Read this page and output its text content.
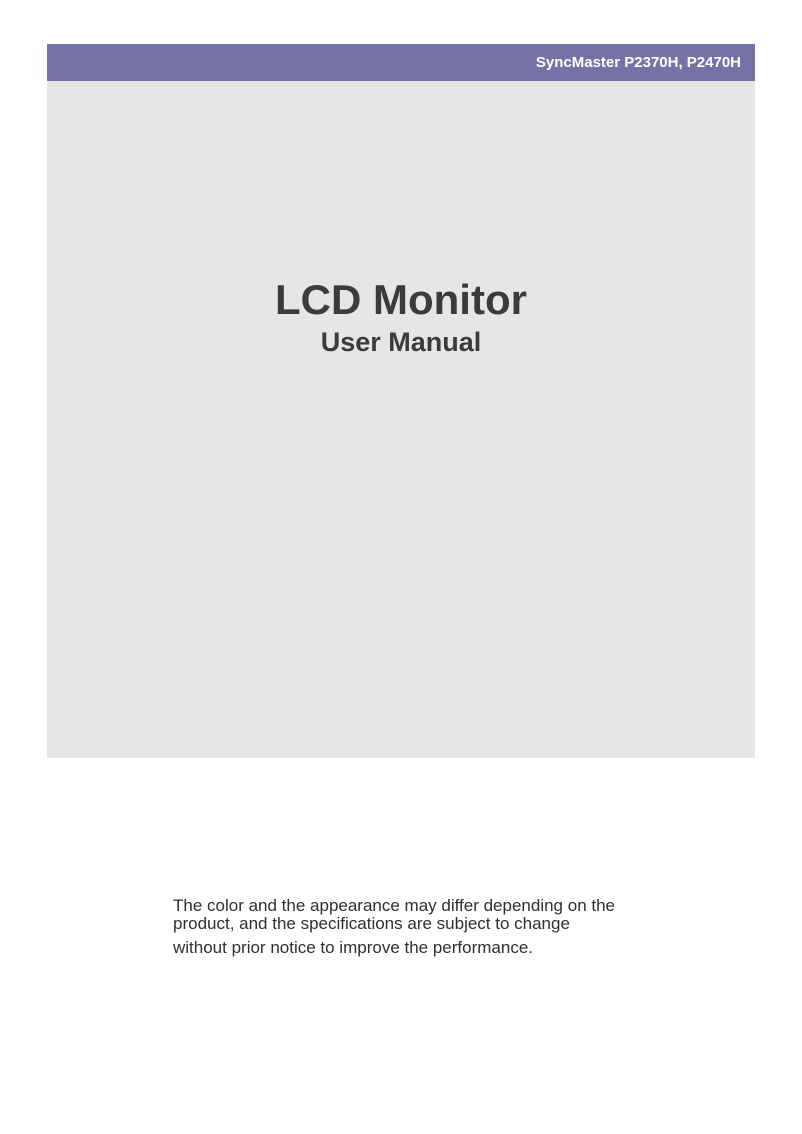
SyncMaster P2370H, P2470H
LCD Monitor
User Manual
The color and the appearance may differ depending on the
product, and the specifications are subject to change
without prior notice to improve the performance.
